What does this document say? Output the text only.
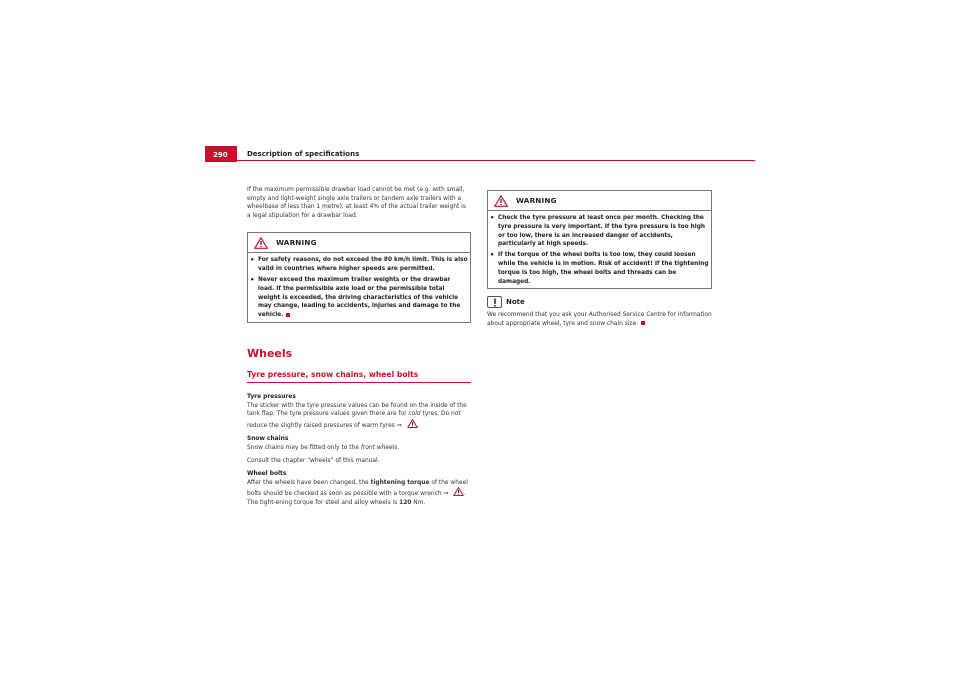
290	Description of specifications

If the maximum permissible drawbar load cannot be met (e.g. with small, empty and light-weight single axle trailers or tandem axle trailers with a wheelbase of less than 1 metre), at least 4% of the actual trailer weight is a legal stipulation for a drawbar load.

WARNING
• For safety reasons, do not exceed the 80 km/h limit. This is also valid in countries where higher speeds are permitted.
• Never exceed the maximum trailer weights or the drawbar load. If the permissible axle load or the permissible total weight is exceeded, the driving characteristics of the vehicle may change, leading to accidents, injuries and damage to the vehicle.
Wheels
Tyre pressure, snow chains, wheel bolts
Tyre pressures

The sticker with the tyre pressure values can be found on the inside of the tank flap. The tyre pressure values given there are for cold tyres. Do not reduce the slightly raised pressures of warm tyres ⇒ .

Snow chains

Snow chains may be fitted only to the front wheels.

Consult the chapter “wheels” of this manual.

Wheel bolts

After the wheels have been changed, the tightening torque of the wheel bolts should be checked as soon as possible with a torque wrench ⇒ . The tight-ening torque for steel and alloy wheels is 120 Nm.

WARNING
• Check the tyre pressure at least once per month. Checking the tyre pressure is very important. If the tyre pressure is too high or too low, there is an increased danger of accidents, particularly at high speeds.
• If the torque of the wheel bolts is too low, they could loosen while the vehicle is in motion. Risk of accident! If the tightening torque is too high, the wheel bolts and threads can be damaged.
Note

We recommend that you ask your Authorised Service Centre for information about appropriate wheel, tyre and snow chain size.
